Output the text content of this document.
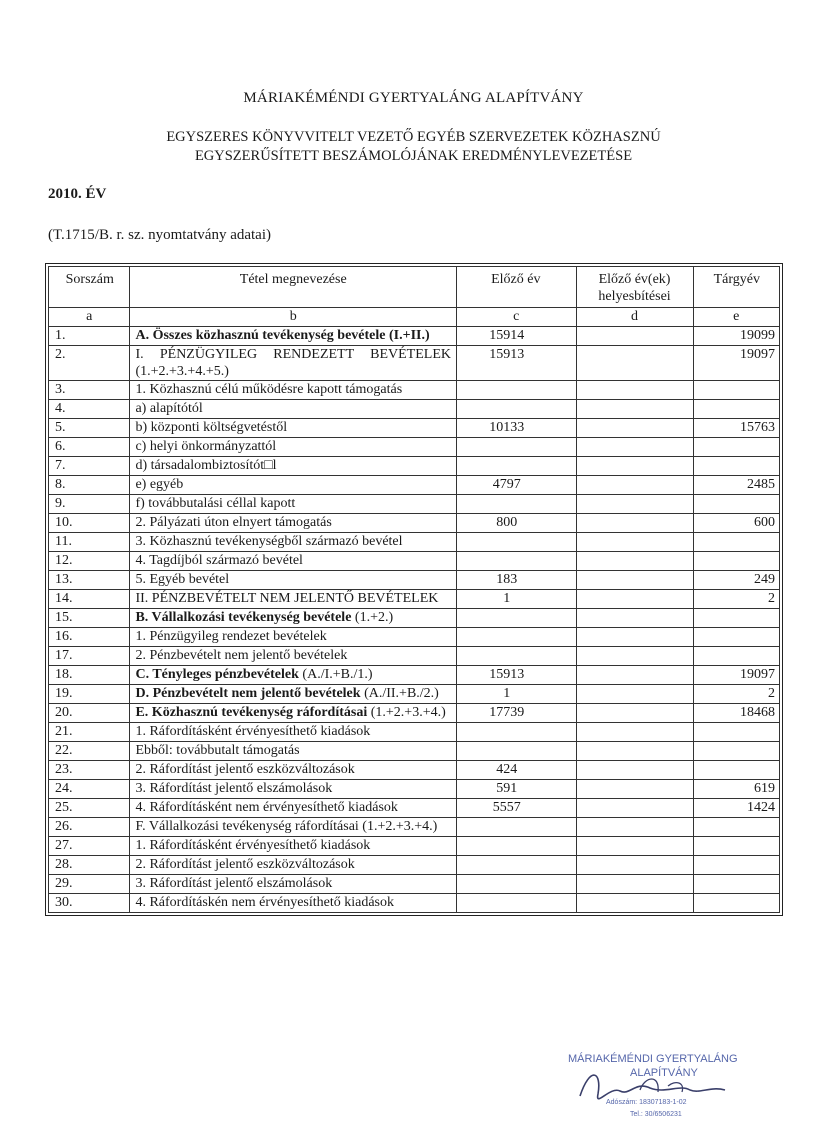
MÁRIAKÉMÉNDI GYERTYALÁNG ALAPÍTVÁNY
EGYSZERES KÖNYVVITELT VEZETŐ EGYÉB SZERVEZETEK KÖZHASZNÚ
EGYSZERŰSÍTETT BESZÁMOLÓJÁNAK EREDMÉNYLEVEZETÉSE
2010. ÉV
(T.1715/B. r. sz. nyomtatvány adatai)
Sorszám	Tétel megnevezése	Előző év	Előző év(ek) helyesbítései	Tárgyév
a	b	c	d	e
1.	A. Összes közhasznú tevékenység bevétele (I.+II.)	15914		19099
2.	I. PÉNZÜGYILEG RENDEZETT BEVÉTELEK (1.+2.+3.+4.+5.)	15913		19097
3.	1. Közhasznú célú működésre kapott támogatás			
4.	a) alapítótól			
5.	b) központi költségvetéstől	10133		15763
6.	c) helyi önkormányzattól			
7.	d) társadalombiztosítót□l			
8.	e) egyéb	4797		2485
9.	f) továbbutalási céllal kapott			
10.	2. Pályázati úton elnyert támogatás	800		600
11.	3. Közhasznú tevékenységből származó bevétel			
12.	4. Tagdíjból származó bevétel			
13.	5. Egyéb bevétel	183		249
14.	II. PÉNZBEVÉTELT NEM JELENTŐ BEVÉTELEK	1		2
15.	B. Vállalkozási tevékenység bevétele (1.+2.)			
16.	1. Pénzügyileg rendezet bevételek			
17.	2. Pénzbevételt nem jelentő bevételek			
18.	C. Tényleges pénzbevételek (A./I.+B./1.)	15913		19097
19.	D. Pénzbevételt nem jelentő bevételek (A./II.+B./2.)	1		2
20.	E. Közhasznú tevékenység ráfordításai (1.+2.+3.+4.)	17739		18468
21.	1. Ráfordításként érvényesíthető kiadások			
22.	Ebből: továbbutalt támogatás			
23.	2. Ráfordítást jelentő eszközváltozások	424		
24.	3. Ráfordítást jelentő elszámolások	591		619
25.	4. Ráfordításként nem érvényesíthető kiadások	5557		1424
26.	F. Vállalkozási tevékenység ráfordításai (1.+2.+3.+4.)			
27.	1. Ráfordításként érvényesíthető kiadások			
28.	2. Ráfordítást jelentő eszközváltozások			
29.	3. Ráfordítást jelentő elszámolások			
30.	4. Ráfordításkén nem érvényesíthető kiadások			
MÁRIAKÉMÉNDI GYERTYALÁNG
ALAPÍTVÁNY
Adószám: 18307183-1-02
Tel.: 30/6506231
